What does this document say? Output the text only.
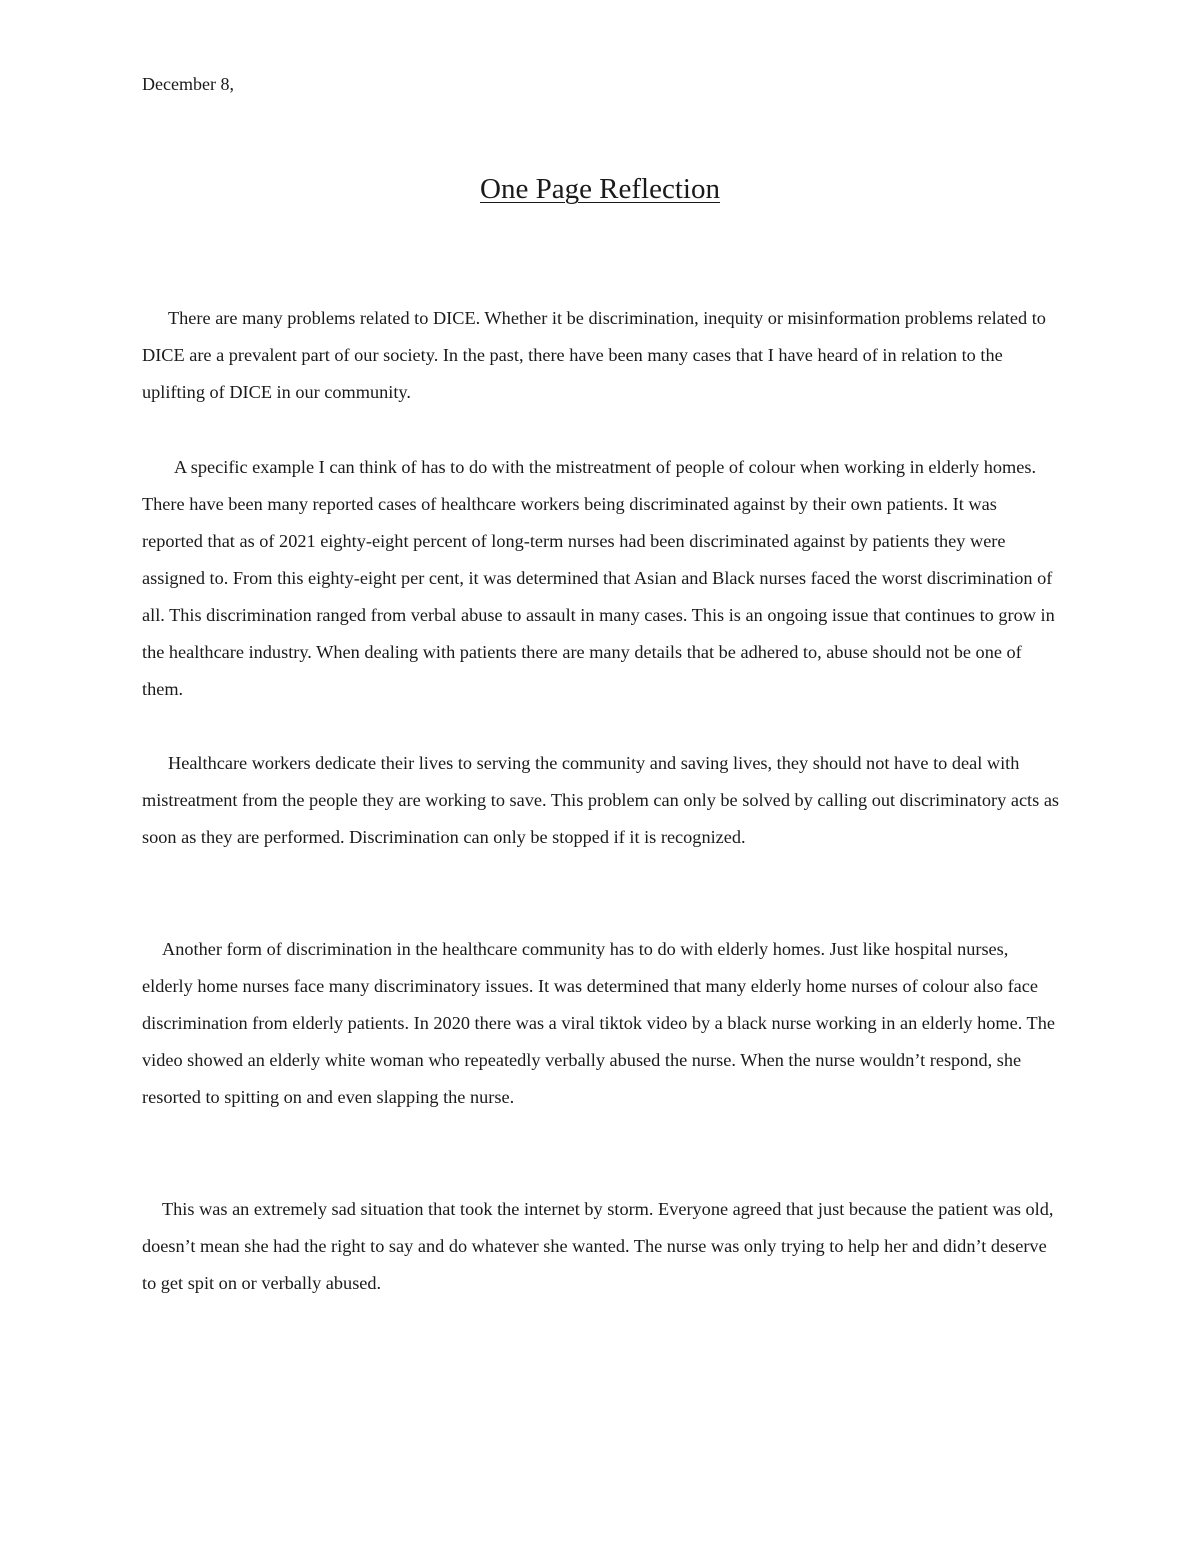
December 8,

One Page Reflection

There are many problems related to DICE. Whether it be discrimination, inequity or misinformation problems related to DICE are a prevalent part of our society. In the past, there have been many cases that I have heard of in relation to the uplifting of DICE in our community.

A specific example I can think of has to do with the mistreatment of people of colour when working in elderly homes. There have been many reported cases of healthcare workers being discriminated against by their own patients. It was reported that as of 2021 eighty-eight percent of long-term nurses had been discriminated against by patients they were assigned to. From this eighty-eight per cent, it was determined that Asian and Black nurses faced the worst discrimination of all. This discrimination ranged from verbal abuse to assault in many cases. This is an ongoing issue that continues to grow in the healthcare industry. When dealing with patients there are many details that be adhered to, abuse should not be one of them.

Healthcare workers dedicate their lives to serving the community and saving lives, they should not have to deal with mistreatment from the people they are working to save. This problem can only be solved by calling out discriminatory acts as soon as they are performed. Discrimination can only be stopped if it is recognized.

Another form of discrimination in the healthcare community has to do with elderly homes. Just like hospital nurses, elderly home nurses face many discriminatory issues. It was determined that many elderly home nurses of colour also face discrimination from elderly patients. In 2020 there was a viral tiktok video by a black nurse working in an elderly home. The video showed an elderly white woman who repeatedly verbally abused the nurse. When the nurse wouldn’t respond, she resorted to spitting on and even slapping the nurse.

This was an extremely sad situation that took the internet by storm. Everyone agreed that just because the patient was old, doesn’t mean she had the right to say and do whatever she wanted. The nurse was only trying to help her and didn’t deserve to get spit on or verbally abused.
